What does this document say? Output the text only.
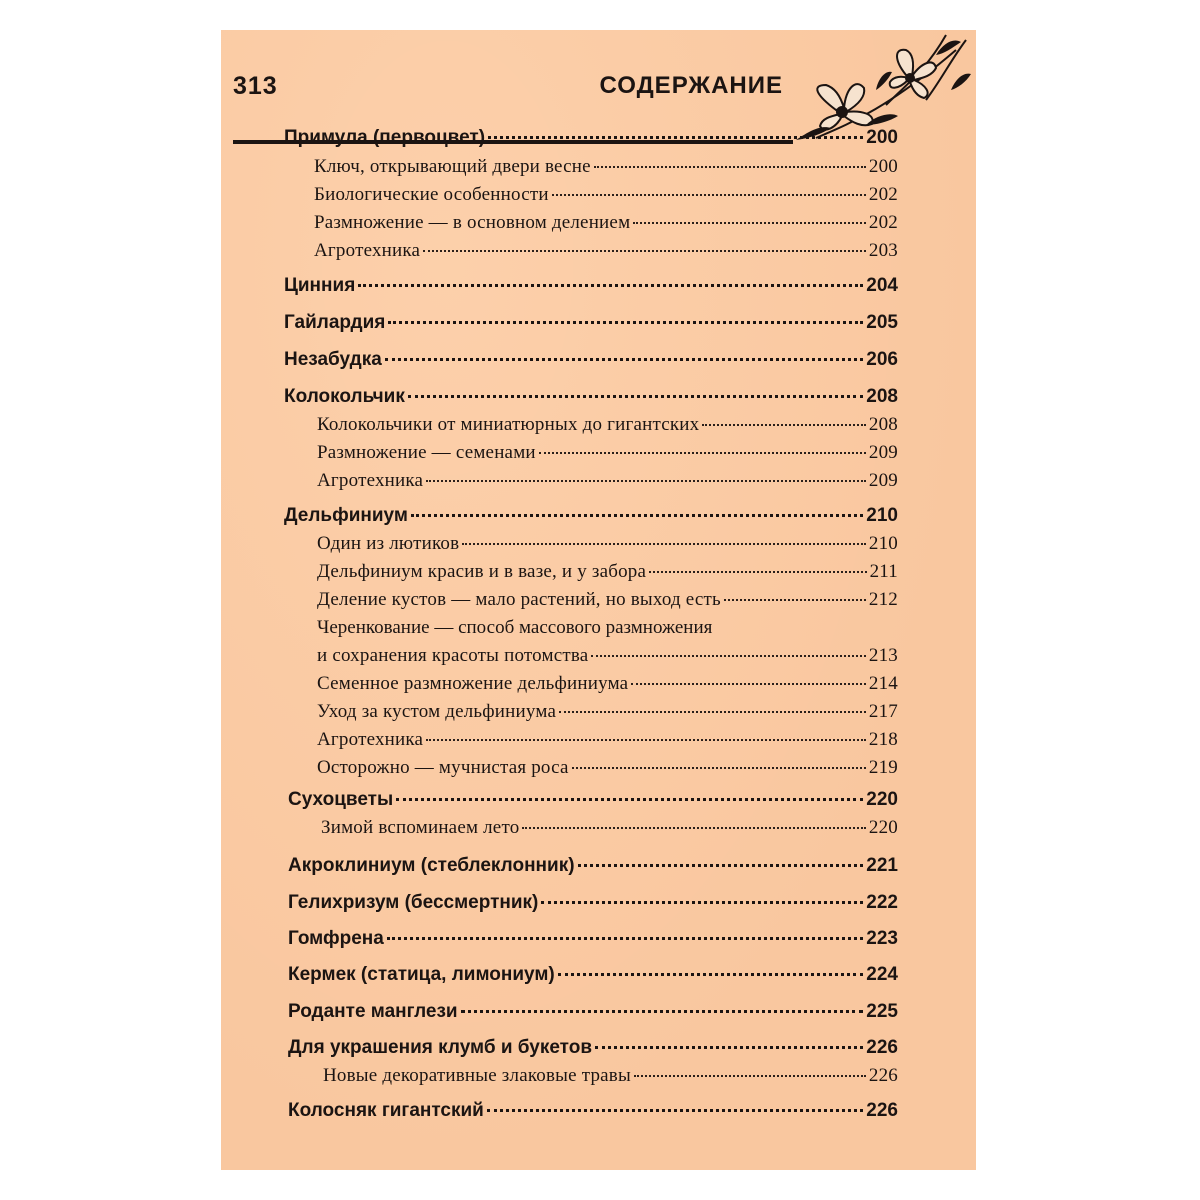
313	СОДЕРЖАНИЕ
Примула (первоцвет)	200
Ключ, открывающий двери весне	200
Биологические особенности	202
Размножение — в основном делением	202
Агротехника	203
Цинния	204
Гайлардия	205
Незабудка	206
Колокольчик	208
Колокольчики от миниатюрных до гигантских	208
Размножение — семенами	209
Агротехника	209
Дельфиниум	210
Один из лютиков	210
Дельфиниум красив и в вазе, и у забора	211
Деление кустов — мало растений, но выход есть	212
Черенкование — способ массового размножения
и сохранения красоты потомства	213
Семенное размножение дельфиниума	214
Уход за кустом дельфиниума	217
Агротехника	218
Осторожно — мучнистая роса	219
Сухоцветы	220
Зимой вспоминаем лето	220
Акроклиниум (стеблеклонник)	221
Гелихризум (бессмертник)	222
Гомфрена	223
Кермек (статица, лимониум)	224
Роданте манглези	225
Для украшения клумб и букетов	226
Новые декоративные злаковые травы	226
Колосняк гигантский	226
